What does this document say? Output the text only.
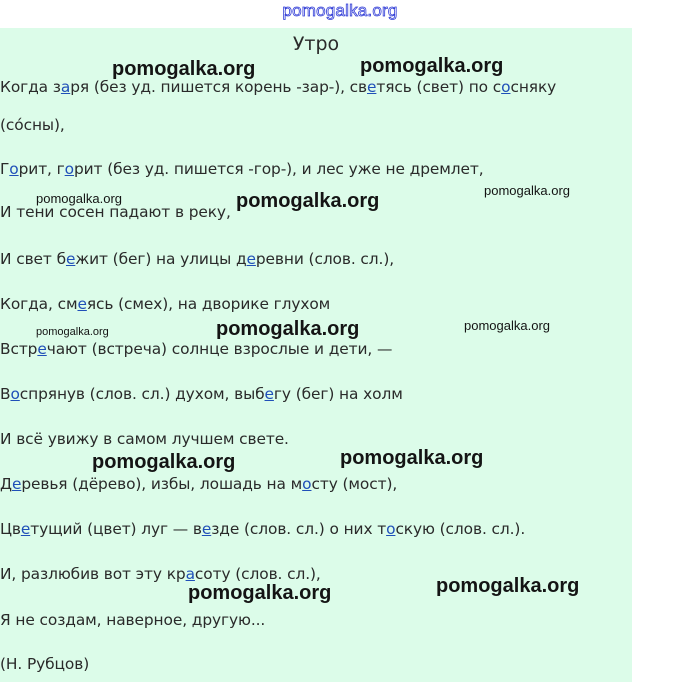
pomogalka.org
Утро
Когда заря (без уд. пишется корень -зар-), светясь (свет) по сосняку
(со́сны),
Горит, горит (без уд. пишется -гор-), и лес уже не дремлет,
И тени сосен падают в реку,
И свет бежит (бег) на улицы деревни (слов. сл.),
Когда, смеясь (смех), на дворике глухом
Встречают (встреча) солнце взрослые и дети, —
Воспрянув (слов. сл.) духом, выбегу (бег) на холм
И всё увижу в самом лучшем свете.
Деревья (дёрево), избы, лошадь на мосту (мост),
Цветущий (цвет) луг — везде (слов. сл.) о них тоскую (слов. сл.).
И, разлюбив вот эту красоту (слов. сл.),
Я не создам, наверное, другую...
(Н. Рубцов)
pomogalka.org	pomogalka.org
pomogalka.org
pomogalka.org
pomogalka.org
pomogalka.org	pomogalka.org	pomogalka.org
pomogalka.org	pomogalka.org
pomogalka.org	pomogalka.org
